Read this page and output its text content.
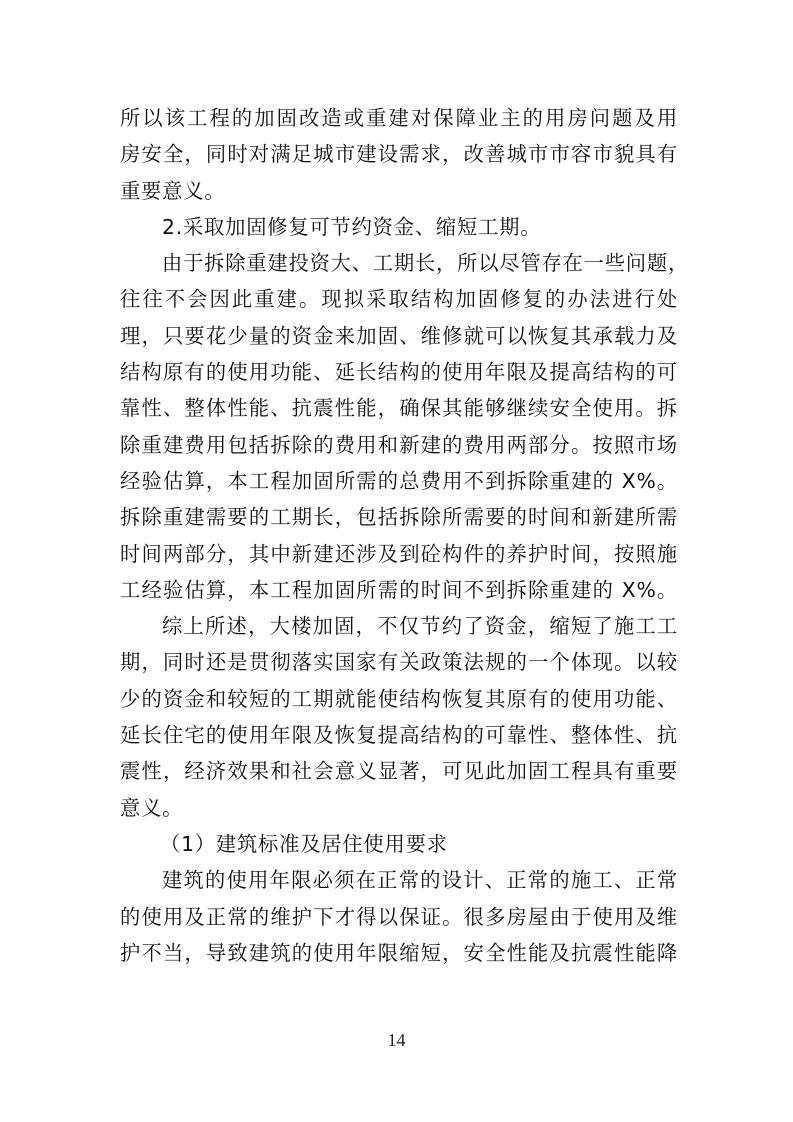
所以该工程的加固改造或重建对保障业主的用房问题及用
房安全，同时对满足城市建设需求，改善城市市容市貌具有
重要意义。
2.采取加固修复可节约资金、缩短工期。
由于拆除重建投资大、工期长，所以尽管存在一些问题，
往往不会因此重建。现拟采取结构加固修复的办法进行处
理，只要花少量的资金来加固、维修就可以恢复其承载力及
结构原有的使用功能、延长结构的使用年限及提高结构的可
靠性、整体性能、抗震性能，确保其能够继续安全使用。拆
除重建费用包括拆除的费用和新建的费用两部分。按照市场
经验估算，本工程加固所需的总费用不到拆除重建的 X%。
拆除重建需要的工期长，包括拆除所需要的时间和新建所需
时间两部分，其中新建还涉及到砼构件的养护时间，按照施
工经验估算，本工程加固所需的时间不到拆除重建的 X%。
综上所述，大楼加固，不仅节约了资金，缩短了施工工
期，同时还是贯彻落实国家有关政策法规的一个体现。以较
少的资金和较短的工期就能使结构恢复其原有的使用功能、
延长住宅的使用年限及恢复提高结构的可靠性、整体性、抗
震性，经济效果和社会意义显著，可见此加固工程具有重要
意义。
（1）建筑标准及居住使用要求
建筑的使用年限必须在正常的设计、正常的施工、正常
的使用及正常的维护下才得以保证。很多房屋由于使用及维
护不当，导致建筑的使用年限缩短，安全性能及抗震性能降
14
